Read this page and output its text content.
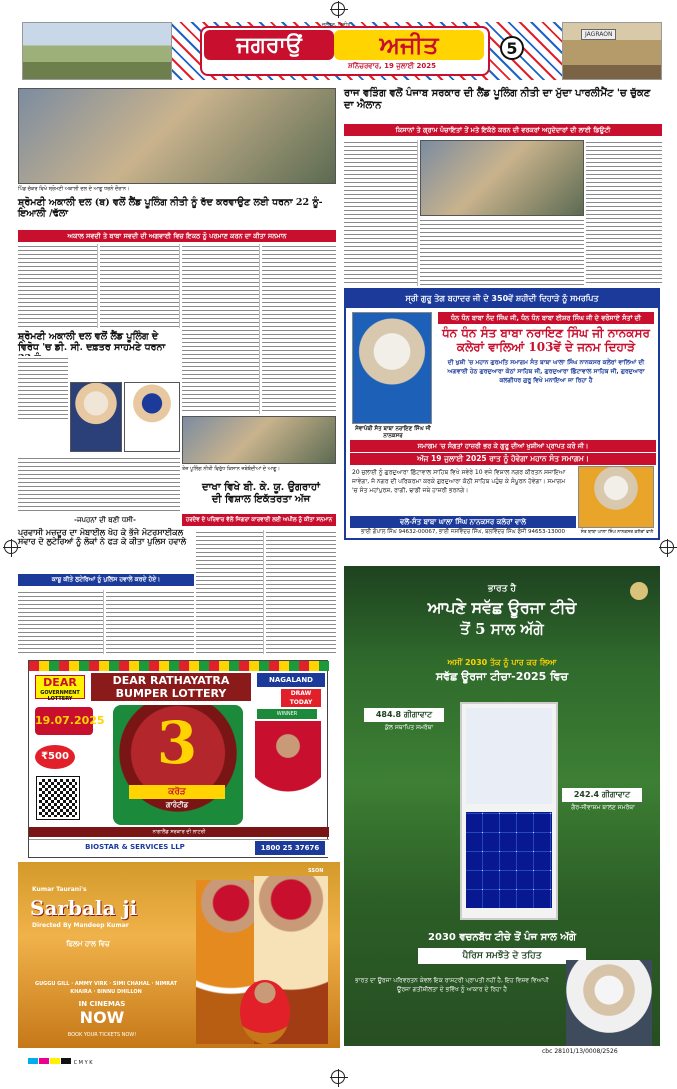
JAGRAON
ਜਗਰਾਉਂ	ਅਜੀਤ
ਜਲੰਧਰ, ਅਜੀਤ
ਸ਼ਨਿੱਚਰਵਾਰ, 19 ਜੁਲਾਈ 2025
5
ਰਾਜ ਵੜਿੰਗ ਵਲੋਂ ਪੰਜਾਬ ਸਰਕਾਰ ਦੀ ਲੈਂਡ ਪੂਲਿੰਗ ਨੀਤੀ ਦਾ ਮੁੱਦਾ ਪਾਰਲੀਮੈਂਟ 'ਚ ਚੁੱਕਣ ਦਾ ਐਲਾਨ
ਕਿਸਾਨਾਂ ਤੇ ਗ੍ਰਾਮ ਪੰਚਾਇਤਾਂ ਤੋਂ ਮਤੇ ਇਕੱਠੇ ਕਰਨ ਦੀ ਵਰਕਰਾਂ ਅਹੁਦੇਦਾਰਾਂ ਦੀ ਲਾਈ ਡਿਊਟੀ
ਪਿੰਡ ਚੱਕਰ ਵਿਖੇ ਸ਼੍ਰੋਮਣੀ ਅਕਾਲੀ ਦਲ ਦੇ ਆਗੂ ਧਰਨੇ ਦੌਰਾਨ।
ਸ਼੍ਰੋਮਣੀ ਅਕਾਲੀ ਦਲ (ਬ) ਵਲੋਂ ਲੈਂਡ ਪੂਲਿੰਗ ਨੀਤੀ ਨੂੰ ਰੱਦ ਕਰਵਾਉਣ ਲਈ ਧਰਨਾ 22 ਨੂੰ-ਇਆਲੀ /ਢੱਲਾ
ਅਕਾਲ ਸਵਦੀ ਤੇ ਬਾਬਾ ਸਵਦੀ ਦੀ ਅਗਵਾਈ ਵਿਚ ਇਕਠ ਨੂੰ ਪਰਮਾਣ ਕਰਨ ਦਾ ਕੀਤਾ ਸਨਮਾਨ
ਸ਼੍ਰੋਮਣੀ ਅਕਾਲੀ ਦਲ ਵਲੋਂ ਲੈਂਡ ਪੂਲਿੰਗ ਦੇ ਵਿਰੋਧ 'ਚ ਡੀ. ਸੀ. ਦਫ਼ਤਰ ਸਾਹਮਣੇ ਧਰਨਾ
-ਜਪਹਨਾਂ ਦੀ ਥਣੀ ਧਸੀ-
ਪ੍ਰਵਾਸੀ ਮਜ਼ਦੂਰ ਦਾ ਮੋਬਾਈਲ ਖੋਹ ਕੇ ਭੱਜੇ ਮੋਟਰਸਾਈਕਲ ਸਵਾਰ ਦੋ ਲੁਟੇਰਿਆਂ ਨੂੰ ਲੋਕਾਂ ਨੇ ਫੜ ਕੇ ਕੀਤਾ ਪੁਲਿਸ ਹਵਾਲੇ
ਕਾਬੂ ਕੀਤੇ ਲੁਟੇਰਿਆਂ ਨੂੰ ਪੁਲਿਸ ਹਵਾਲੇ ਕਰਦੇ ਹੋਏ।
ਤੇਜ਼ ਪੂਲਿੰਗ ਨੀਤੀ ਵਿਰੁੱਧ ਕਿਸਾਨ ਜਥੇਬੰਦੀਆਂ ਦੇ ਆਗੂ।
ਦਾਖਾ ਵਿਖੇ ਬੀ. ਕੇ. ਯੂ. ਉਗਰਾਹਾਂ ਦੀ ਵਿਸ਼ਾਲ ਇਕੱਤਰਤਾ ਅੱਜ
ਹਰਦੇਵ ਦੇ ਪਰਿਵਾਰ ਵੱਲੋਂ ਜਿਗਰਾ ਕਾਰਵਾਈ ਲਈ ਅਪੀਲ ਨੂੰ ਕੀਤਾ ਸਨਮਾਨ
ਸ੍ਰੀ ਗੁਰੂ ਤੇਗ ਬਹਾਦਰ ਜੀ ਦੇ 350ਵੇਂ ਸ਼ਹੀਦੀ ਦਿਹਾੜੇ ਨੂੰ ਸਮਰਪਿਤ
ਸੇਵਾਪੰਥੀ ਸੰਤ ਬਾਬਾ ਨਰਾਇਣ ਸਿੰਘ ਜੀ ਨਾਨਕਸਰ
ਧੰਨ ਧੰਨ ਬਾਬਾ ਨੰਦ ਸਿੰਘ ਜੀ, ਧੰਨ ਧੰਨ ਬਾਬਾ ਈਸ਼ਰ ਸਿੰਘ ਜੀ ਦੇ ਵਰੋਸਾਏ ਸੰਤਾਂ ਦੀ
ਧੰਨ ਧੰਨ ਸੰਤ ਬਾਬਾ ਨਰਾਇਣ ਸਿੰਘ ਜੀ ਨਾਨਕਸਰ ਕਲੇਰਾਂ ਵਾਲਿਆਂ 103ਵੇਂ ਦੇ ਜਨਮ ਦਿਹਾੜੇ
ਦੀ ਖੁਸ਼ੀ 'ਚ ਮਹਾਨ ਗੁਰਮਤਿ ਸਮਾਗਮ ਸੰਤ ਬਾਬਾ ਘਾਲਾ ਸਿੰਘ ਨਾਨਕਸਰ ਕਲੇਰਾਂ ਵਾਲਿਆਂ ਦੀ ਅਗਵਾਈ ਹੇਠ ਗੁਰਦੁਆਰਾ ਕੋਠਾਂ ਸਾਹਿਬ ਜੀ, ਗੁਰਦੁਆਰਾ ਛਿੱਟਾਵਾਲ ਸਾਹਿਬ ਜੀ, ਗੁਰਦੁਆਰਾ ਕਲਗੀਧਰ ਗੁਰੂ ਵਿਖੇ ਮਨਾਇਆ ਜਾ ਰਿਹਾ ਹੈ
ਸਮਾਗਮ 'ਚ ਸੰਗਤਾਂ ਹਾਜ਼ਰੀ ਭਰ ਕੇ ਗੁਰੂ ਦੀਆਂ ਖੁਸ਼ੀਆਂ ਪ੍ਰਾਪਤ ਕਰੋ ਜੀ।
ਅੱਜ 19 ਜੁਲਾਈ 2025 ਰਾਤ ਨੂੰ ਹੋਵੇਗਾ ਮਹਾਨ ਸੰਤ ਸਮਾਗਮ।
20 ਜੁਲਾਈ ਨੂੰ ਗੁਰਦੁਆਰਾ ਛਿੱਟਾਵਾਲ ਸਾਹਿਬ ਵਿਖੇ ਸਵੇਰੇ 10 ਵਜੇ ਵਿਸ਼ਾਲ ਨਗਰ ਕੀਰਤਨ ਸਜਾਇਆ ਜਾਵੇਗਾ, ਜੋ ਨਗਰ ਦੀ ਪਰਿਕਰਮਾ ਕਰਕੇ ਗੁਰਦੁਆਰਾ ਕੋਠੀ ਸਾਹਿਬ ਪਹੁੰਚ ਕੇ ਸੰਪੂਰਨ ਹੋਵੇਗਾ। ਸਮਾਗਮ 'ਚ ਸੰਤ ਮਹਾਂਪੁਰਸ਼, ਰਾਗੀ, ਢਾਡੀ ਜਥੇ ਹਾਜ਼ਰੀ ਭਰਨਗੇ।
ਵਲੋਂ-ਸੰਤ ਬਾਬਾ ਘਾਲਾ ਸਿੰਘ ਨਾਨਕਸਰ ਕਲੇਰਾਂ ਵਾਲੇ
ਭਾਈ ਗੋਪਾਲ ਸਿੰਘ 94632-00067, ਭਾਈ ਜਸਵਿੰਦਰ ਸਿੰਘ, ਬਲਵਿੰਦਰ ਸਿੰਘ ਫੋਜੀ 94653-13000	ਸੰਤ ਬਾਬਾ ਘਾਲਾ ਸਿੰਘ ਨਾਨਕਸਰ ਕਲੇਰਾਂ ਵਾਲੇ
ਭਾਰਤ ਹੈ
ਆਪਣੇ ਸਵੱਛ ਊਰਜਾ ਟੀਚੇ
ਤੋਂ 5 ਸਾਲ ਅੱਗੇ
ਅਸੀਂ 2030 ਤੱਕ ਨੂੰ ਪਾਰ ਕਰ ਲਿਆ
ਸਵੱਛ ਊਰਜਾ ਟੀਚਾ-2025 ਵਿਚ
484.8 ਗੀਗਾਵਾਟ
ਕੁੱਲ ਸਥਾਪਿਤ ਸਮਰੱਥਾ
242.4 ਗੀਗਾਵਾਟ
ਗੈਰ-ਜੀਵਾਸ਼ਮ ਬਾਲਣ ਸਮਰੱਥਾ
2030 ਵਚਨਬੱਧ ਟੀਚੇ ਤੋਂ ਪੰਜ ਸਾਲ ਅੱਗੇ
ਪੈਰਿਸ ਸਮਝੌਤੇ ਦੇ ਤਹਿਤ
ਭਾਰਤ ਦਾ ਊਰਜਾ ਪਰਿਵਰਤਨ ਕੇਵਲ ਇਕ ਰਾਸ਼ਟਰੀ ਪ੍ਰਾਪਤੀ ਨਹੀਂ ਹੈ, ਇਹ ਵਿਸ਼ਵ ਵਿਆਪੀ ਊਰਜਾ ਗਤੀਸ਼ੀਲਤਾ ਦੇ ਭਵਿੱਖ ਨੂੰ ਆਕਾਰ ਦੇ ਰਿਹਾ ਹੈ
DEAR
GOVERNMENT LOTTERY
DEAR RATHAYATRA BUMPER LOTTERY
NAGALAND
DRAW TODAY
19.07.2025
₹500 3
ਕਰੋੜ
ਗਾਰੰਟੀਡ
WINNER
ਨਾਗਾਲੈਂਡ ਸਰਕਾਰ ਦੀ ਲਾਟਰੀ
BIOSTAR & SERVICES LLP	1800 25 37676
SSON
Kumar Taurani's
Sarbala ji
Directed By Mandeep Kumar
ਫਿਲਮ ਹਾਲ ਵਿਚ
GUGGU GILL · AMMY VIRK · SIMI CHAHAL · NIMRAT KHAIRA · BINNU DHILLON
IN CINEMAS
NOW
BOOK YOUR TICKETS NOW!
C M Y K
cbc 28101/13/0008/2526
